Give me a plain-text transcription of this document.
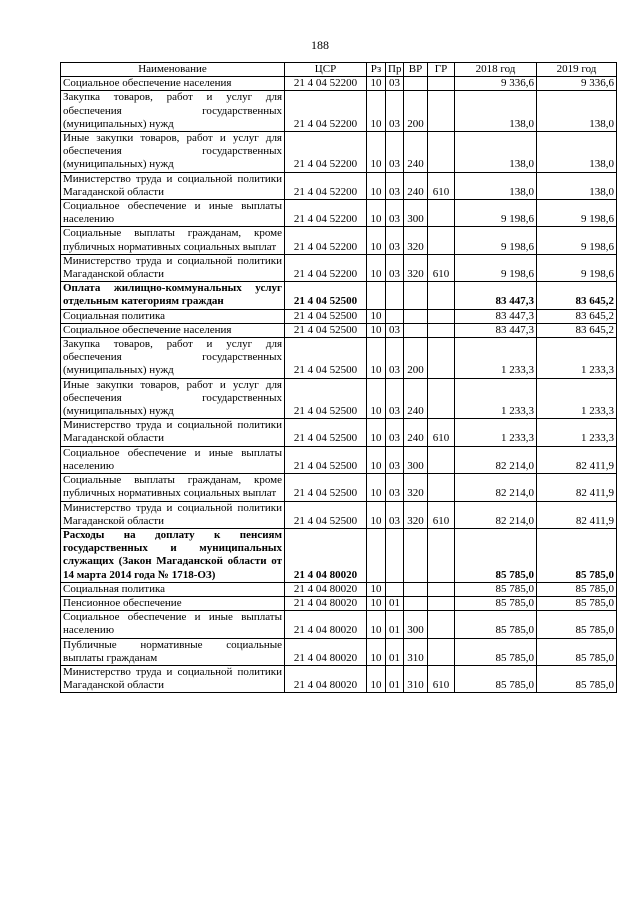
188
Наименование	ЦСР	Рз	Пр	ВР	ГР	2018 год	2019 год
Социальное обеспечение населения	21 4 04 52200	10	03			9 336,6	9 336,6
Закупка товаров, работ и услуг для обеспечения государственных (муниципальных) нужд	21 4 04 52200	10	03	200		138,0	138,0
Иные закупки товаров, работ и услуг для обеспечения государственных (муниципальных) нужд	21 4 04 52200	10	03	240		138,0	138,0
Министерство труда и социальной политики Магаданской области	21 4 04 52200	10	03	240	610	138,0	138,0
Социальное обеспечение и иные выплаты населению	21 4 04 52200	10	03	300		9 198,6	9 198,6
Социальные выплаты гражданам, кроме публичных нормативных социальных выплат	21 4 04 52200	10	03	320		9 198,6	9 198,6
Министерство труда и социальной политики Магаданской области	21 4 04 52200	10	03	320	610	9 198,6	9 198,6
Оплата жилищно-коммунальных услуг отдельным категориям граждан	21 4 04 52500					83 447,3	83 645,2
Социальная политика	21 4 04 52500	10				83 447,3	83 645,2
Социальное обеспечение населения	21 4 04 52500	10	03			83 447,3	83 645,2
Закупка товаров, работ и услуг для обеспечения государственных (муниципальных) нужд	21 4 04 52500	10	03	200		1 233,3	1 233,3
Иные закупки товаров, работ и услуг для обеспечения государственных (муниципальных) нужд	21 4 04 52500	10	03	240		1 233,3	1 233,3
Министерство труда и социальной политики Магаданской области	21 4 04 52500	10	03	240	610	1 233,3	1 233,3
Социальное обеспечение и иные выплаты населению	21 4 04 52500	10	03	300		82 214,0	82 411,9
Социальные выплаты гражданам, кроме публичных нормативных социальных выплат	21 4 04 52500	10	03	320		82 214,0	82 411,9
Министерство труда и социальной политики Магаданской области	21 4 04 52500	10	03	320	610	82 214,0	82 411,9
Расходы на доплату к пенсиям государственных и муниципальных служащих (Закон Магаданской области от 14 марта 2014 года № 1718-ОЗ)	21 4 04 80020					85 785,0	85 785,0
Социальная политика	21 4 04 80020	10				85 785,0	85 785,0
Пенсионное обеспечение	21 4 04 80020	10	01			85 785,0	85 785,0
Социальное обеспечение и иные выплаты населению	21 4 04 80020	10	01	300		85 785,0	85 785,0
Публичные нормативные социальные выплаты гражданам	21 4 04 80020	10	01	310		85 785,0	85 785,0
Министерство труда и социальной политики Магаданской области	21 4 04 80020	10	01	310	610	85 785,0	85 785,0
